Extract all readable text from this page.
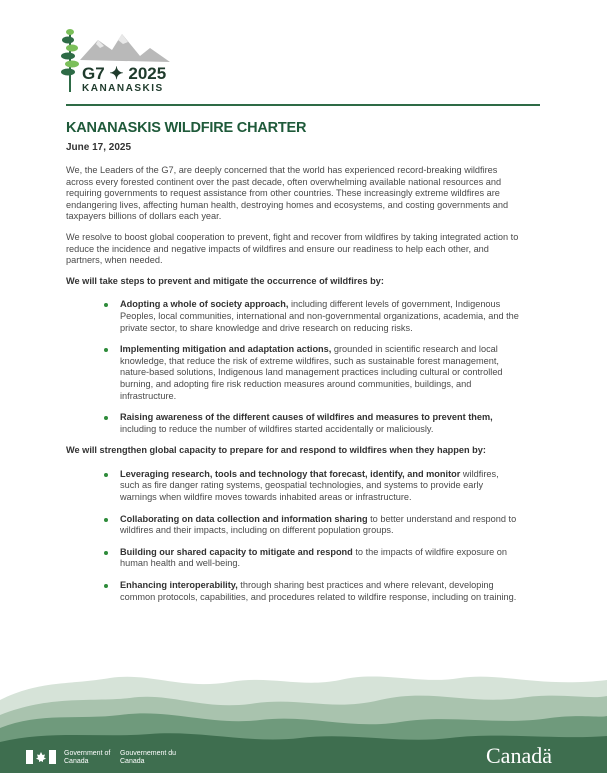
G7 ✦ 2025
KANANASKIS
KANANASKIS WILDFIRE CHARTER
June 17, 2025

We, the Leaders of the G7, are deeply concerned that the world has experienced record-breaking wildfires across every forested continent over the past decade, often overwhelming available national resources and requiring governments to request assistance from other countries. These increasingly extreme wildfires are endangering lives, affecting human health, destroying homes and ecosystems, and costing governments and taxpayers billions of dollars each year.

We resolve to boost global cooperation to prevent, fight and recover from wildfires by taking integrated action to reduce the incidence and negative impacts of wildfires and ensure our readiness to help each other, and partners, when needed.

We will take steps to prevent and mitigate the occurrence of wildfires by:

Adopting a whole of society approach, including different levels of government, Indigenous Peoples, local communities, international and non-governmental organizations, academia, and the private sector, to share knowledge and drive research on reducing risks.
Implementing mitigation and adaptation actions, grounded in scientific research and local knowledge, that reduce the risk of extreme wildfires, such as sustainable forest management, nature-based solutions, Indigenous land management practices including cultural or controlled burning, and adopting fire risk reduction measures around communities, buildings, and infrastructure.
Raising awareness of the different causes of wildfires and measures to prevent them, including to reduce the number of wildfires started accidentally or maliciously.

We will strengthen global capacity to prepare for and respond to wildfires when they happen by:

Leveraging research, tools and technology that forecast, identify, and monitor wildfires, such as fire danger rating systems, geospatial technologies, and systems to provide early warnings when wildfire moves towards inhabited areas or infrastructure.
Collaborating on data collection and information sharing to better understand and respond to wildfires and their impacts, including on different population groups.
Building our shared capacity to mitigate and respond to the impacts of wildfire exposure on human health and well-being.
Enhancing interoperability, through sharing best practices and where relevant, developing common protocols, capabilities, and procedures related to wildfire response, including on training.
Government of Canada
Gouvernement du Canada	Canadä
